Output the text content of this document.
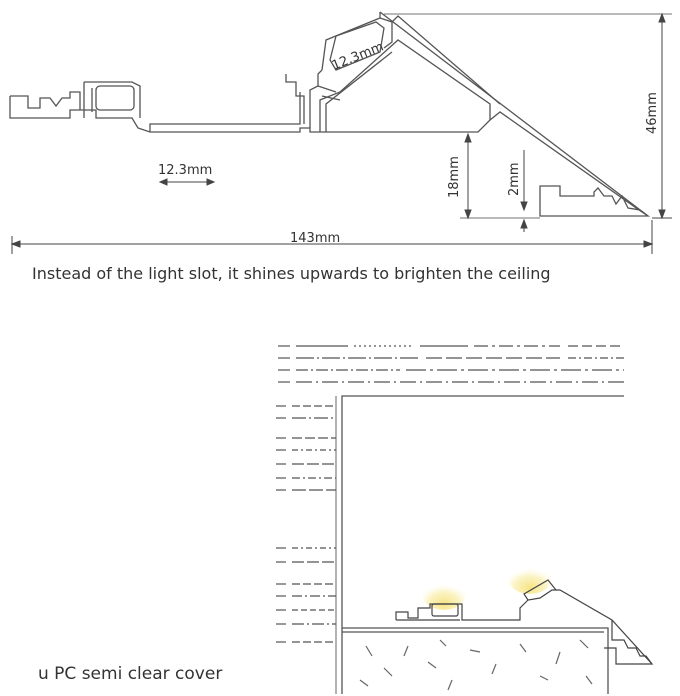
143mm
46mm
18mm	2mm
12.3mm
12.3mm
Instead of the light slot, it shines upwards to brighten the ceiling
u PC semi clear cover
